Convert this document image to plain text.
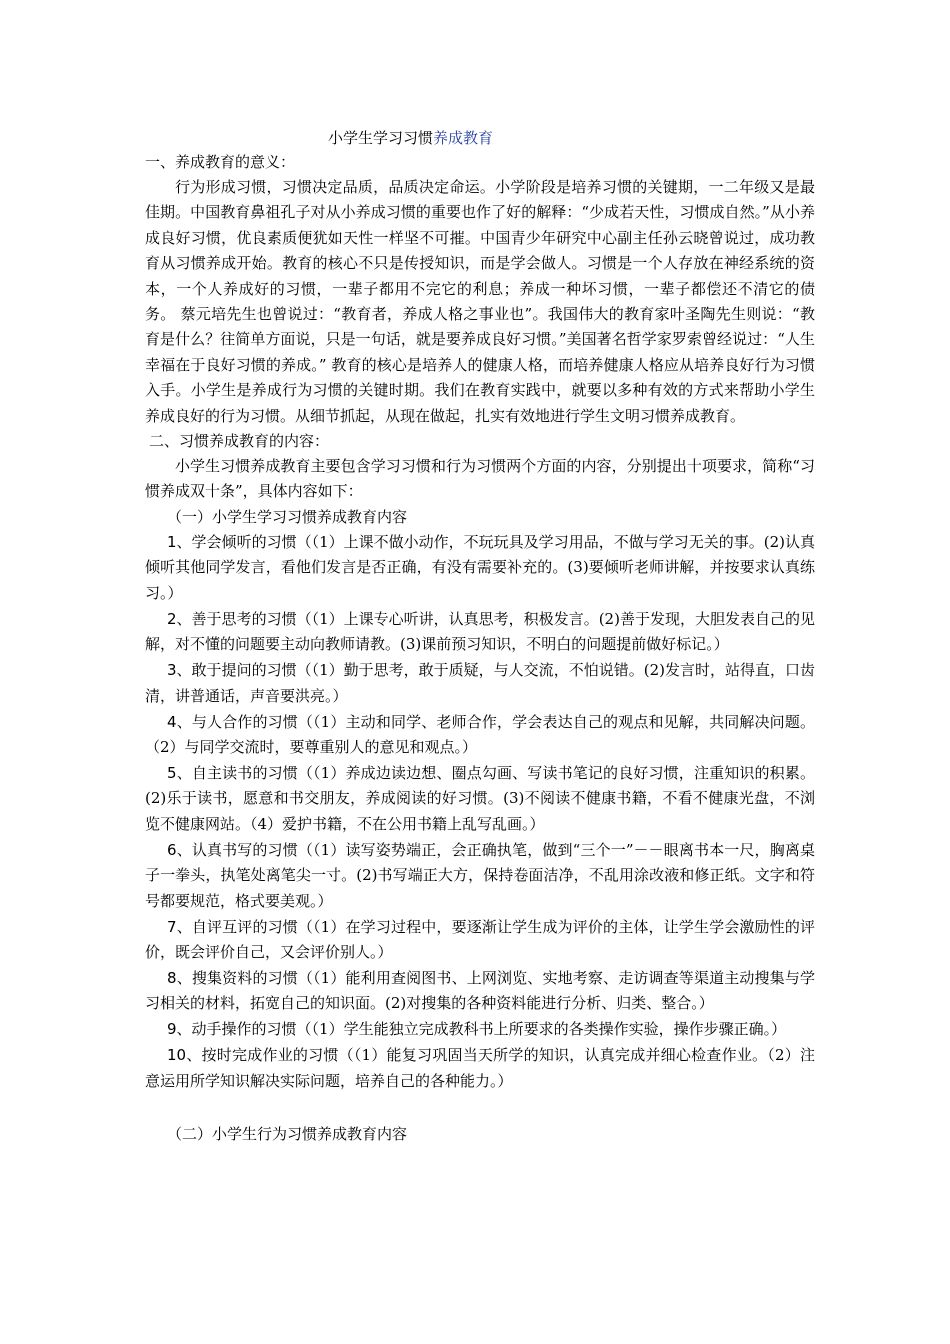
小学生学习习惯养成教育
一、养成教育的意义：

行为形成习惯，习惯决定品质，品质决定命运。小学阶段是培养习惯的关键期，一二年级又是最佳期。中国教育鼻祖孔子对从小养成习惯的重要也作了好的解释：“少成若天性，习惯成自然。”从小养成良好习惯，优良素质便犹如天性一样坚不可摧。中国青少年研究中心副主任孙云晓曾说过，成功教育从习惯养成开始。教育的核心不只是传授知识，而是学会做人。习惯是一个人存放在神经系统的资本，一个人养成好的习惯，一辈子都用不完它的利息；养成一种坏习惯，一辈子都偿还不清它的债务。 蔡元培先生也曾说过：“教育者，养成人格之事业也”。我国伟大的教育家叶圣陶先生则说：“教育是什么？往简单方面说，只是一句话，就是要养成良好习惯。”美国著名哲学家罗索曾经说过：“人生幸福在于良好习惯的养成。” 教育的核心是培养人的健康人格，而培养健康人格应从培养良好行为习惯入手。小学生是养成行为习惯的关键时期。我们在教育实践中，就要以多种有效的方式来帮助小学生养成良好的行为习惯。从细节抓起，从现在做起，扎实有效地进行学生文明习惯养成教育。

二、习惯养成教育的内容：

小学生习惯养成教育主要包含学习习惯和行为习惯两个方面的内容，分别提出十项要求，简称“习惯养成双十条”，具体内容如下：

（一）小学生学习习惯养成教育内容

1、学会倾听的习惯（（1）上课不做小动作，不玩玩具及学习用品，不做与学习无关的事。(2)认真倾听其他同学发言，看他们发言是否正确，有没有需要补充的。(3)要倾听老师讲解，并按要求认真练习。）

2、善于思考的习惯（（1）上课专心听讲，认真思考，积极发言。(2)善于发现，大胆发表自己的见解，对不懂的问题要主动向教师请教。(3)课前预习知识，不明白的问题提前做好标记。）

3、敢于提问的习惯（（1）勤于思考，敢于质疑，与人交流，不怕说错。(2)发言时，站得直，口齿清，讲普通话，声音要洪亮。）

4、与人合作的习惯（（1）主动和同学、老师合作，学会表达自己的观点和见解，共同解决问题。（2）与同学交流时，要尊重别人的意见和观点。）

5、自主读书的习惯（（1）养成边读边想、圈点勾画、写读书笔记的良好习惯，注重知识的积累。(2)乐于读书，愿意和书交朋友，养成阅读的好习惯。(3)不阅读不健康书籍，不看不健康光盘，不浏览不健康网站。（4）爱护书籍，不在公用书籍上乱写乱画。）

6、认真书写的习惯（（1）读写姿势端正，会正确执笔，做到“三个一”－－眼离书本一尺，胸离桌子一拳头，执笔处离笔尖一寸。(2)书写端正大方，保持卷面洁净，不乱用涂改液和修正纸。文字和符号都要规范，格式要美观。）

7、自评互评的习惯（（1）在学习过程中，要逐渐让学生成为评价的主体，让学生学会激励性的评价，既会评价自己，又会评价别人。）

8、搜集资料的习惯（（1）能利用查阅图书、上网浏览、实地考察、走访调查等渠道主动搜集与学习相关的材料，拓宽自己的知识面。(2)对搜集的各种资料能进行分析、归类、整合。）

9、动手操作的习惯（（1）学生能独立完成教科书上所要求的各类操作实验，操作步骤正确。）

10、按时完成作业的习惯（（1）能复习巩固当天所学的知识，认真完成并细心检查作业。（2）注意运用所学知识解决实际问题，培养自己的各种能力。）

（二）小学生行为习惯养成教育内容
